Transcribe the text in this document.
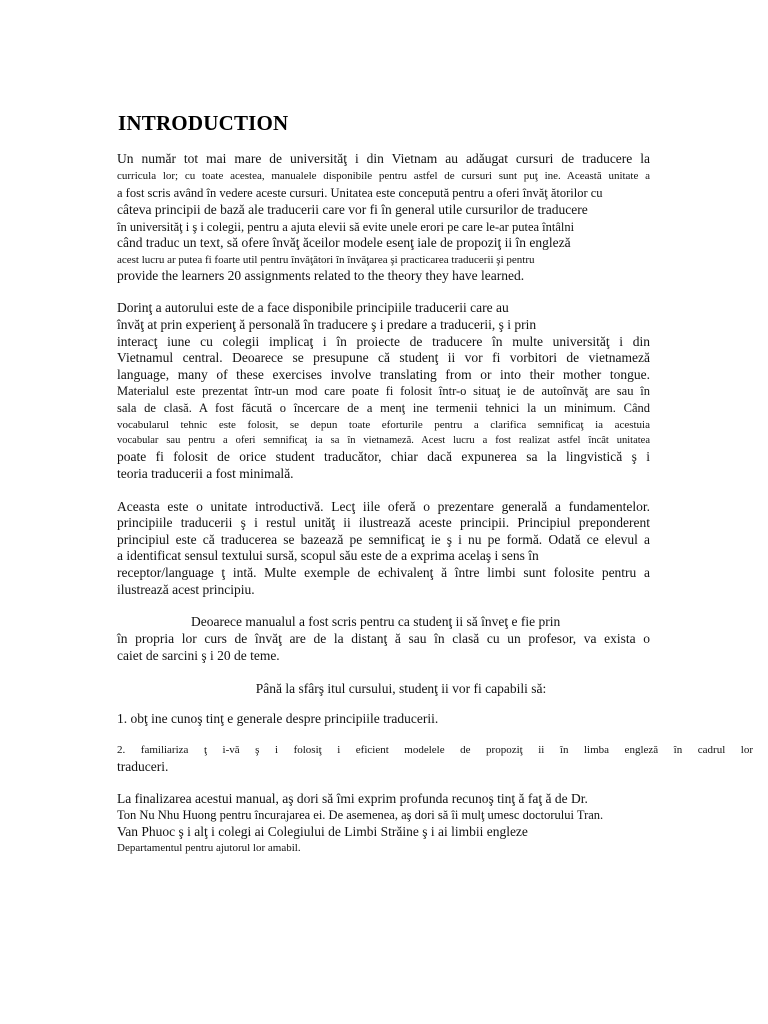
INTRODUCTION

Un număr tot mai mare de universităţ i din Vietnam au adăugat cursuri de traducere la

curricula lor; cu toate acestea, manualele disponibile pentru astfel de cursuri sunt puţ ine. Această unitate a

a fost scris având în vedere aceste cursuri. Unitatea este concepută pentru a oferi învăţ ătorilor cu

câteva principii de bază ale traducerii care vor fi în general utile cursurilor de traducere

în universităţ i ş i colegii, pentru a ajuta elevii să evite unele erori pe care le-ar putea întâlni

când traduc un text, să ofere învăţ ăceilor modele esenţ iale de propoziţ ii în engleză

acest lucru ar putea fi foarte util pentru învăţători în învăţarea şi practicarea traducerii şi pentru

provide the learners 20 assignments related to the theory they have learned.

Dorinţ a autorului este de a face disponibile principiile traducerii care au

învăţ at prin experienţ ă personală în traducere ş i predare a traducerii, ş i prin

interacţ iune cu colegii implicaţ i în proiecte de traducere în multe universităţ i din

Vietnamul central. Deoarece se presupune că studenţ ii vor fi vorbitori de vietnameză

language, many of these exercises involve translating from or into their mother tongue.

Materialul este prezentat într-un mod care poate fi folosit într-o situaţ ie de autoînvăţ are sau în

sala de clasă. A fost făcută o încercare de a menţ ine termenii tehnici la un minimum. Când

vocabularul tehnic este folosit, se depun toate eforturile pentru a clarifica semnificaţ ia acestuia

vocabular sau pentru a oferi semnificaţ ia sa în vietnameză. Acest lucru a fost realizat astfel încât unitatea

poate fi folosit de orice student traducător, chiar dacă expunerea sa la lingvistică ş i

teoria traducerii a fost minimală.

Aceasta este o unitate introductivă. Lecţ iile oferă o prezentare generală a fundamentelor.

principiile traducerii ş i restul unităţ ii ilustrează aceste principii. Principiul preponderent

principiul este că traducerea se bazează pe semnificaţ ie ş i nu pe formă. Odată ce elevul a

a identificat sensul textului sursă, scopul său este de a exprima acelaş i sens în

receptor/language ţ intă. Multe exemple de echivalenţ ă între limbi sunt folosite pentru a

ilustrează acest principiu.

Deoarece manualul a fost scris pentru ca studenţ ii să înveţ e fie prin

în propria lor curs de învăţ are de la distanţ ă sau în clasă cu un profesor, va exista o

caiet de sarcini ş i 20 de teme.

Până la sfârş itul cursului, studenţ ii vor fi capabili să:

1. obţ ine cunoş tinţ e generale despre principiile traducerii.

2. familiariza ţ i-vă ş i folosiţ i eficient modelele de propoziţ ii în limba engleză în cadrul lor

traduceri.

La finalizarea acestui manual, aş dori să îmi exprim profunda recunoş tinţ ă faţ ă de Dr.

Ton Nu Nhu Huong pentru încurajarea ei. De asemenea, aş dori să îi mulţ umesc doctorului Tran.

Van Phuoc ş i alţ i colegi ai Colegiului de Limbi Străine ş i ai limbii engleze

Departamentul pentru ajutorul lor amabil.
